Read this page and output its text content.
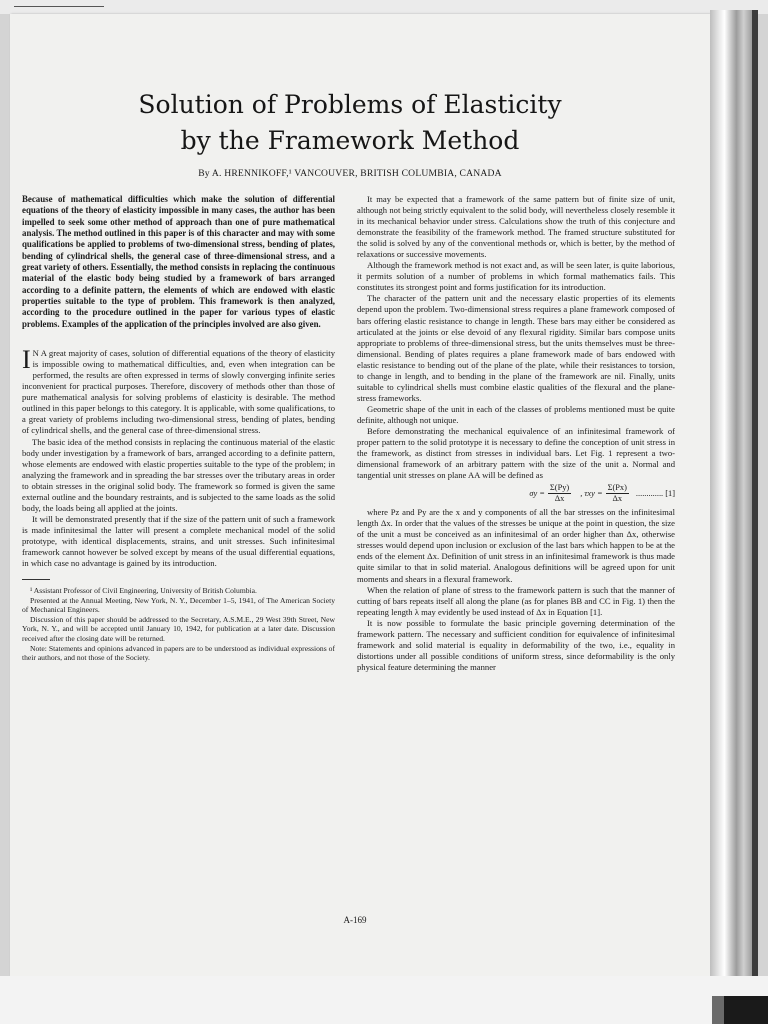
Solution of Problems of Elasticity
by the Framework Method
By A. HRENNIKOFF,¹ VANCOUVER, BRITISH COLUMBIA, CANADA

Because of mathematical difficulties which make the solution of differential equations of the theory of elasticity impossible in many cases, the author has been impelled to seek some other method of approach than one of pure mathematical analysis. The method outlined in this paper is of this character and may with some qualifications be applied to problems of two-dimensional stress, bending of plates, bending of cylindrical shells, the general case of three-dimensional stress, and a great variety of others. Essentially, the method consists in replacing the continuous material of the elastic body being studied by a framework of bars arranged according to a definite pattern, the elements of which are endowed with elastic properties suitable to the type of problem. This framework is then analyzed, according to the procedure outlined in the paper for various types of elastic problems. Examples of the application of the principles involved are also given.

I N A great majority of cases, solution of differential equations of the theory of elasticity is impossible owing to mathematical difficulties, and, even when integration can be performed, the results are often expressed in terms of slowly converging infinite series inconvenient for practical purposes. Therefore, discovery of methods other than those of pure mathematical analysis for solving problems of elasticity is desirable. The method outlined in this paper belongs to this category. It is applicable, with some qualifications, to a great variety of problems including two-dimensional stress, bending of plates, bending of cylindrical shells, and the general case of three-dimensional stress.

The basic idea of the method consists in replacing the continuous material of the elastic body under investigation by a framework of bars, arranged according to a definite pattern, whose elements are endowed with elastic properties suitable to the type of the problem; in analyzing the framework and in spreading the bar stresses over the tributary areas in order to obtain stresses in the original solid body. The framework so formed is given the same external outline and the boundary restraints, and is subjected to the same loads as the solid body, the loads being all applied at the joints.

It will be demonstrated presently that if the size of the pattern unit of such a framework is made infinitesimal the latter will present a complete mechanical model of the solid prototype, with identical displacements, strains, and unit stresses. Such infinitesimal framework cannot however be solved except by means of the usual differential equations, in which case no advantage is gained by its introduction.

¹ Assistant Professor of Civil Engineering, University of British Columbia.

Presented at the Annual Meeting, New York, N. Y., December 1–5, 1941, of The American Society of Mechanical Engineers.

Discussion of this paper should be addressed to the Secretary, A.S.M.E., 29 West 39th Street, New York, N. Y., and will be accepted until January 10, 1942, for publication at a later date. Discussion received after the closing date will be returned.

Note: Statements and opinions advanced in papers are to be understood as individual expressions of their authors, and not those of the Society.

It may be expected that a framework of the same pattern but of finite size of unit, although not being strictly equivalent to the solid body, will nevertheless closely resemble it in its mechanical behavior under stress. Calculations show the truth of this conjecture and demonstrate the feasibility of the framework method. The framed structure substituted for the solid is solved by any of the conventional methods or, which is better, by the method of relaxations or successive movements.

Although the framework method is not exact and, as will be seen later, is quite laborious, it permits solution of a number of problems in which formal mathematics fails. This constitutes its strongest point and forms justification for its introduction.

The character of the pattern unit and the necessary elastic properties of its elements depend upon the problem. Two-dimensional stress requires a plane framework composed of bars offering elastic resistance to change in length. These bars may either be considered as articulated at the joints or else devoid of any flexural rigidity. Similar bars compose units appropriate to problems of three-dimensional stress, but the units themselves must be three-dimensional. Bending of plates requires a plane framework made of bars endowed with elastic resistance to bending out of the plane of the plate, while their resistances to torsion, to change in length, and to bending in the plane of the framework are nil. Finally, units suitable to cylindrical shells must combine elastic qualities of the flexural and the plane-stress frameworks.

Geometric shape of the unit in each of the classes of problems mentioned must be quite definite, although not unique.

Before demonstrating the mechanical equivalence of an infinitesimal framework of proper pattern to the solid prototype it is necessary to define the conception of unit stress in the framework, as distinct from stresses in individual bars. Let Fig. 1 represent a two-dimensional framework of an arbitrary pattern with the size of the unit a. Normal and tangential unit stresses on plane AA will be defined as

$\sigma y = \frac{\Sigma(Py)}{\Delta x}$ , $\tau xy = \frac{\Sigma(Px)}{\Delta x}$ ............. [1]

where Pz and Py are the x and y components of all the bar stresses on the infinitesimal length Δx. In order that the values of the stresses be unique at the point in question, the size of the unit a must be conceived as an infinitesimal of an order higher than Δx, otherwise stresses would depend upon inclusion or exclusion of the last bars which happen to be at the ends of the element Δx. Definition of unit stress in an infinitesimal framework is thus made quite similar to that in solid material. Analogous definitions will be agreed upon for unit moments and shears in a flexural framework.

When the relation of plane of stress to the framework pattern is such that the manner of cutting of bars repeats itself all along the plane (as for planes BB and CC in Fig. 1) then the repeating length λ may evidently be used instead of Δx in Equation [1].

It is now possible to formulate the basic principle governing determination of the framework pattern. The necessary and sufficient condition for equivalence of infinitesimal framework and solid material is equality in deformability of the two, i.e., equality in distortions under all possible conditions of uniform stress, since deformability is the only physical feature determining the manner

A-169
